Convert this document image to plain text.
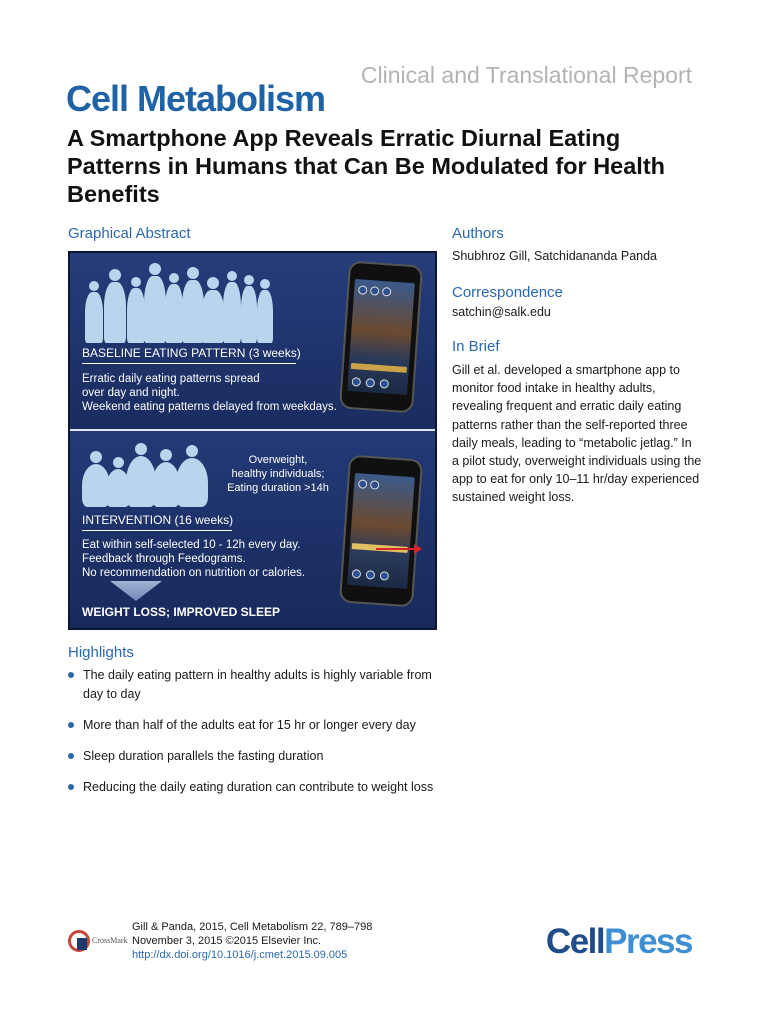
Clinical and Translational Report
Cell Metabolism
A Smartphone App Reveals Erratic Diurnal Eating Patterns in Humans that Can Be Modulated for Health Benefits
Graphical Abstract
BASELINE EATING PATTERN (3 weeks)
Erratic daily eating patterns spread
over day and night.
Weekend eating patterns delayed from weekdays.
Overweight,
healthy individuals;
Eating duration >14h
INTERVENTION (16 weeks)
Eat within self-selected 10 - 12h every day.
Feedback through Feedograms.
No recommendation on nutrition or calories.
WEIGHT LOSS; IMPROVED SLEEP
Authors
Shubhroz Gill, Satchidananda Panda
Correspondence
satchin@salk.edu
In Brief
Gill et al. developed a smartphone app to monitor food intake in healthy adults, revealing frequent and erratic daily eating patterns rather than the self-reported three daily meals, leading to “metabolic jetlag.” In a pilot study, overweight individuals using the app to eat for only 10–11 hr/day experienced sustained weight loss.
Highlights
The daily eating pattern in healthy adults is highly variable from day to day
More than half of the adults eat for 15 hr or longer every day
Sleep duration parallels the fasting duration
Reducing the daily eating duration can contribute to weight loss
CrossMark
Gill & Panda, 2015, Cell Metabolism 22, 789–798
November 3, 2015 ©2015 Elsevier Inc.
http://dx.doi.org/10.1016/j.cmet.2015.09.005	CellPress
